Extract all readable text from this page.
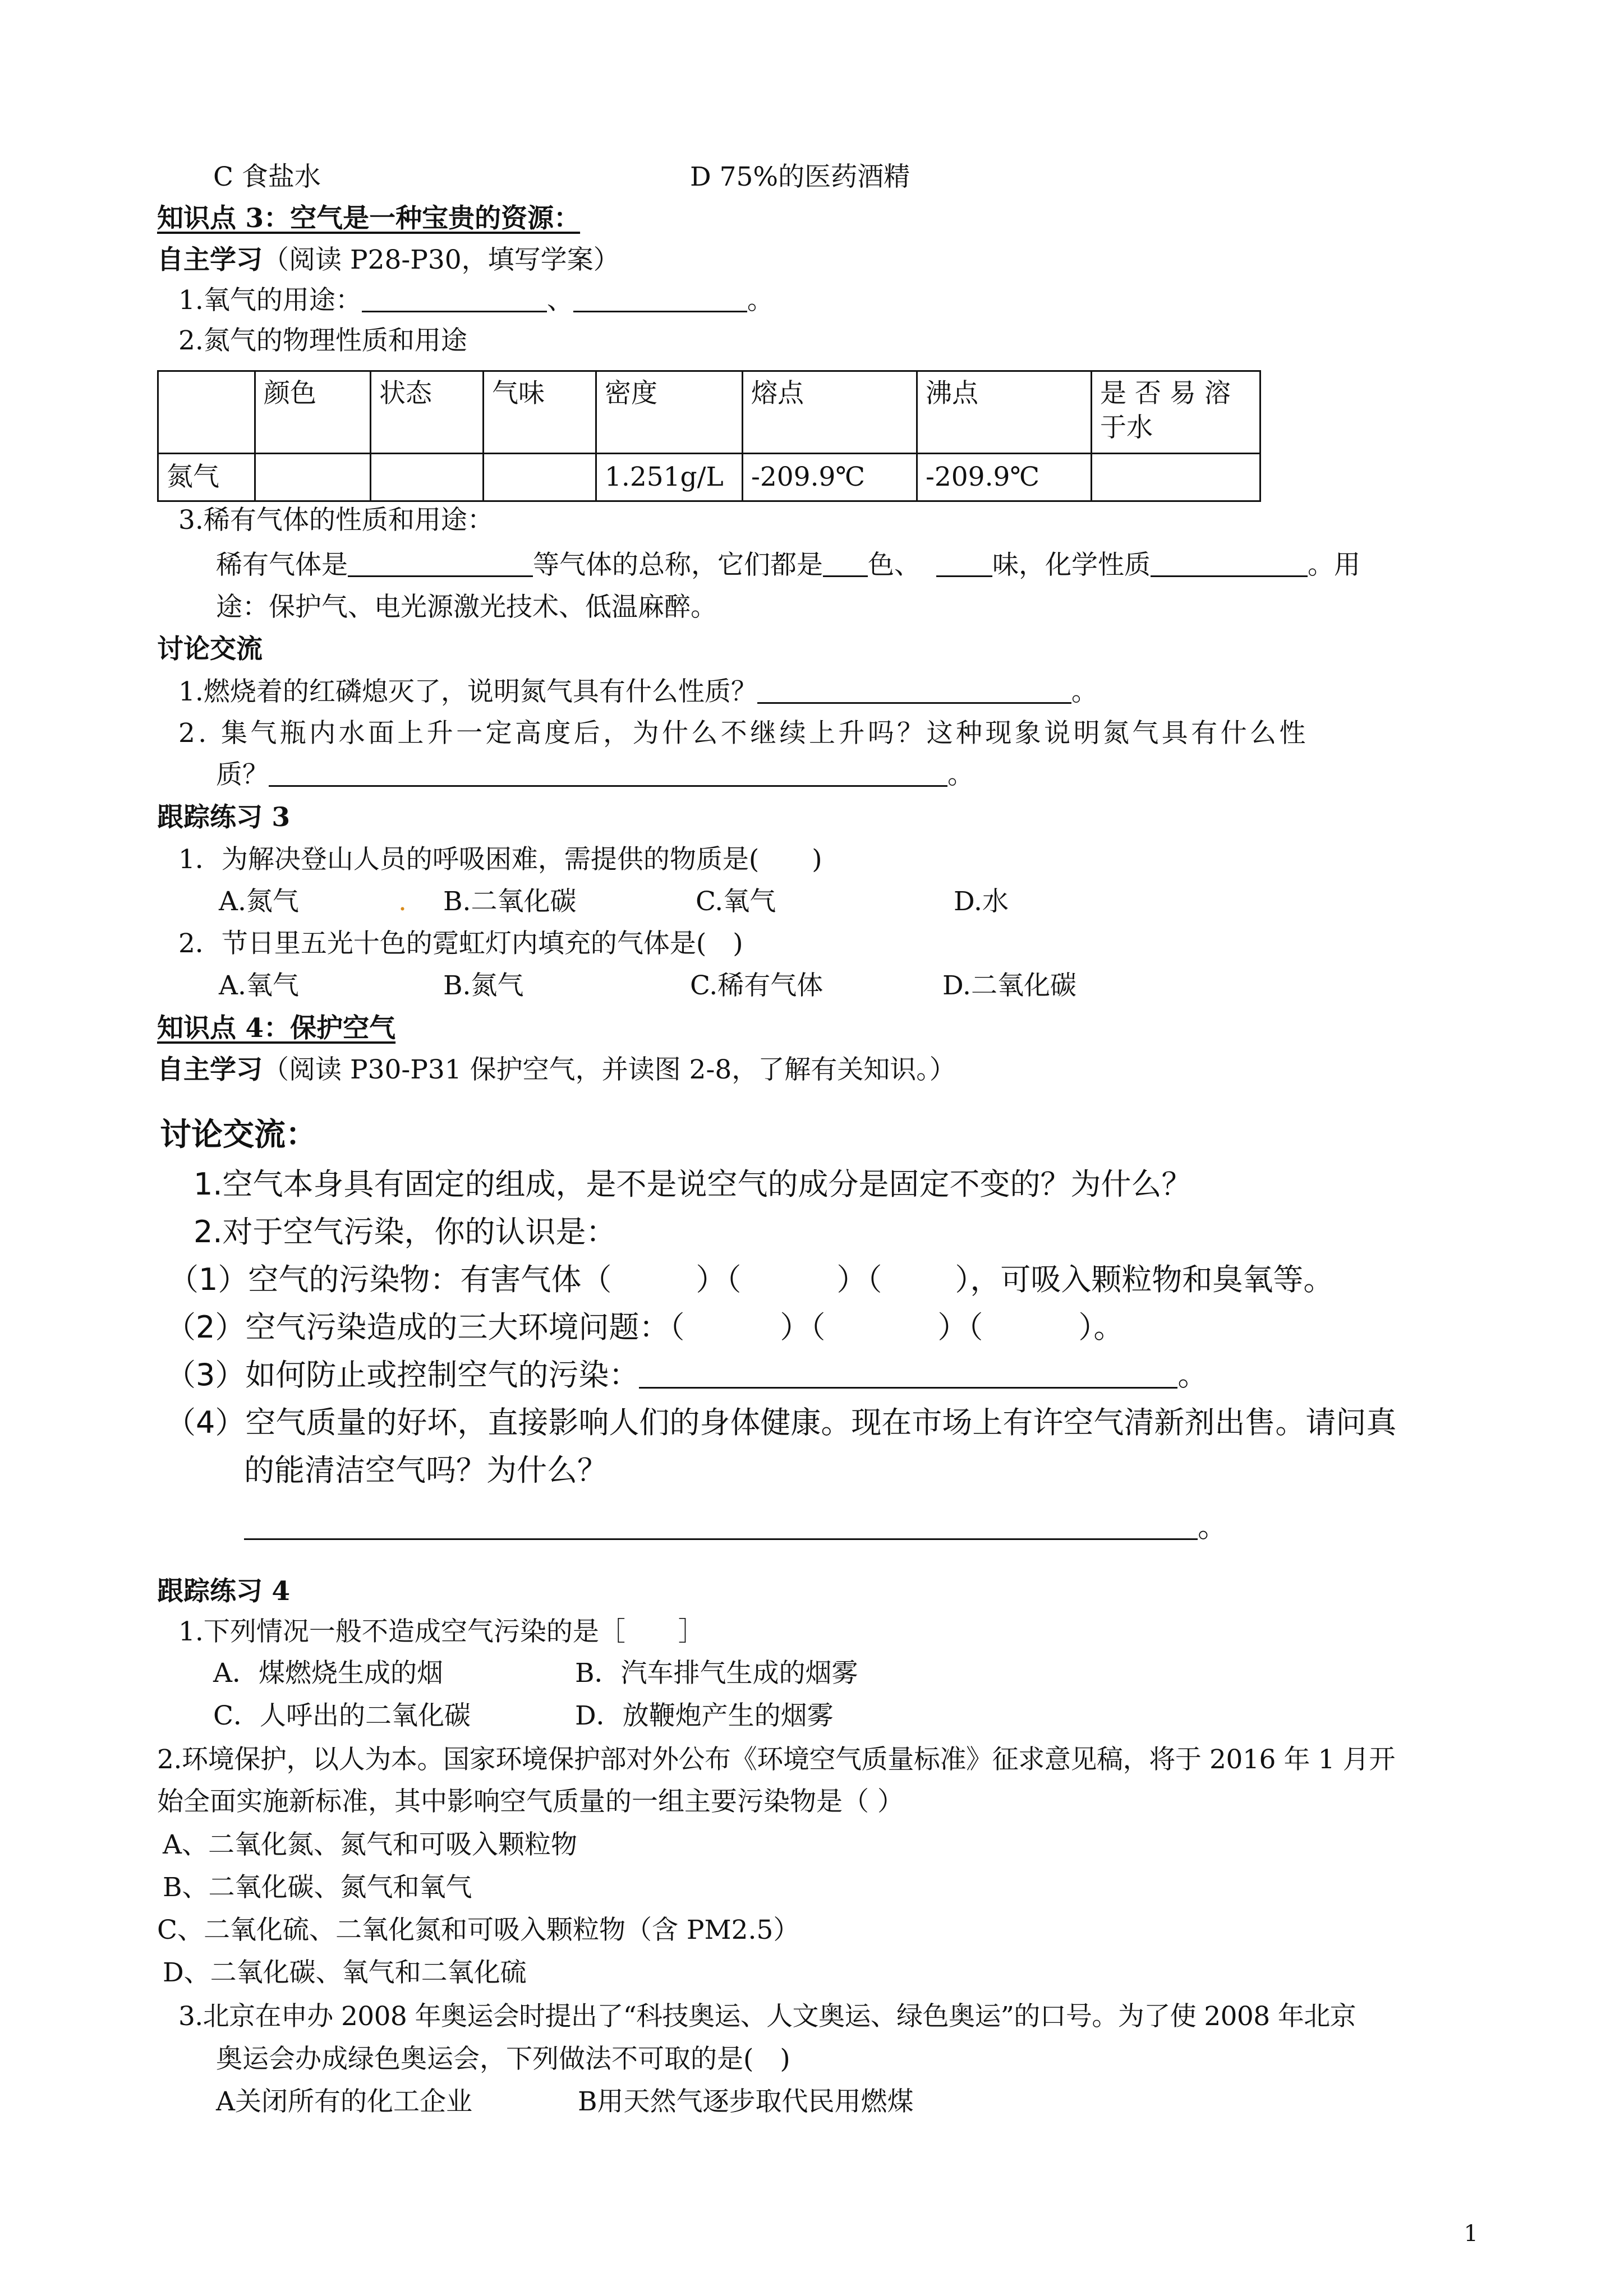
C 食盐水	D 75%的医药酒精
知识点 3：空气是一种宝贵的资源：
自主学习（阅读 P28-P30，填写学案）
1.氧气的用途：	、	。
2.氮气的物理性质和用途
	颜色	状态	气味	密度	熔点	沸点	是 否 易 溶 于水
氮气				1.251g/L	-209.9℃	-209.9℃	
3.稀有气体的性质和用途：
稀有气体是	等气体的总称，它们都是 色、	味，化学性质	。用
途：保护气、电光源激光技术、低温麻醉。
讨论交流
1.燃烧着的红磷熄灭了，说明氮气具有什么性质？	。
2. 集气瓶内水面上升一定高度后，为什么不继续上升吗？这种现象说明氮气具有什么性
质？	。
跟踪练习 3
1．为解决登山人员的呼吸困难，需提供的物质是(　　)
A.氮气	. B.二氧化碳	C.氧气	D.水
2．节日里五光十色的霓虹灯内填充的气体是(　)
A.氧气	B.氮气	C.稀有气体	D.二氧化碳
知识点 4：保护空气
自主学习（阅读 P30-P31 保护空气，并读图 2-8，了解有关知识。）
讨论交流：
1.空气本身具有固定的组成，是不是说空气的成分是固定不变的？为什么？
2.对于空气污染，你的认识是：
（1）空气的污染物：有害气体（	）（	）（ ），可吸入颗粒物和臭氧等。
（2）空气污染造成的三大环境问题：（	）（	）（	）。
（3）如何防止或控制空气的污染：	。
（4）空气质量的好坏，直接影响人们的身体健康。现在市场上有许空气清新剂出售。请问真
的能清洁空气吗？为什么？
。
跟踪练习 4
1.下列情况一般不造成空气污染的是［　　］
A．煤燃烧生成的烟	B．汽车排气生成的烟雾
C．人呼出的二氧化碳	D．放鞭炮产生的烟雾
2.环境保护，以人为本。国家环境保护部对外公布《环境空气质量标准》征求意见稿，将于 2016 年 1 月开
始全面实施新标准，其中影响空气质量的一组主要污染物是（ ）
A、二氧化氮、氮气和可吸入颗粒物
B、二氧化碳、氮气和氧气
C、二氧化硫、二氧化氮和可吸入颗粒物（含 PM2.5）
D、二氧化碳、氧气和二氧化硫
3.北京在申办 2008 年奥运会时提出了“科技奥运、人文奥运、绿色奥运”的口号。为了使 2008 年北京
奥运会办成绿色奥运会，下列做法不可取的是(　)
A关闭所有的化工企业	B用天然气逐步取代民用燃煤
1
